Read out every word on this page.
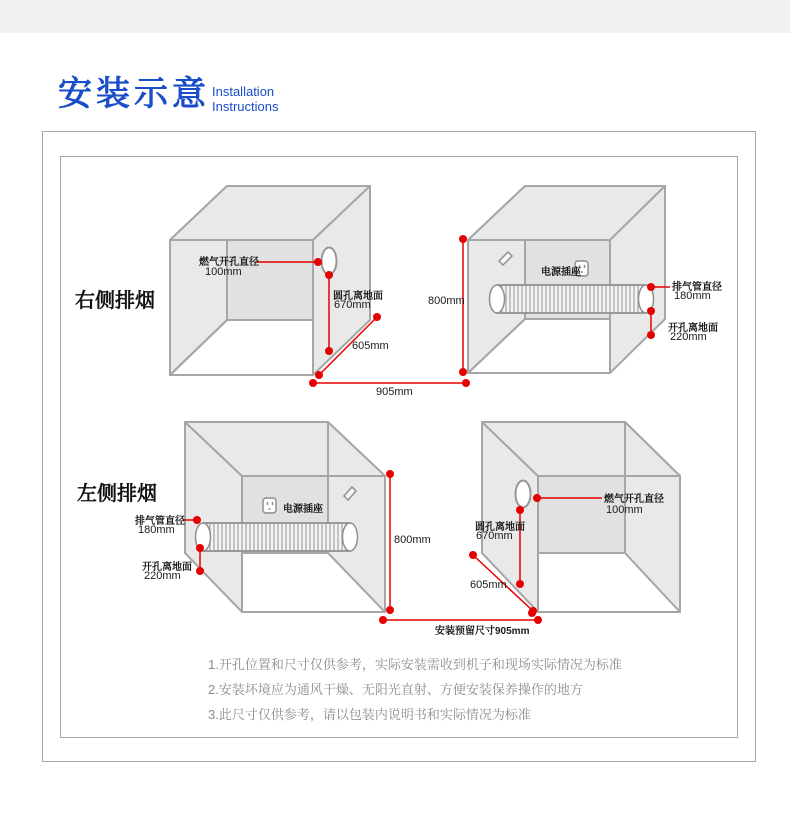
安装示意 Installation
Instructions
右侧排烟
左侧排烟
燃气开孔直径
100mm
圆孔离地面
670mm
605mm
905mm
800mm
电源插座
排气管直径
180mm
开孔离地面
220mm
排气管直径
180mm
开孔离地面
220mm
电源插座
800mm
燃气开孔直径
100mm
圆孔离地面
670mm
605mm
安装预留尺寸905mm
1.开孔位置和尺寸仅供参考，实际安装需收到机子和现场实际情况为标准
2.安装坏境应为通风干燥、无阳光直射、方便安装保养操作的地方
3.此尺寸仅供参考，请以包装内说明书和实际情况为标准
